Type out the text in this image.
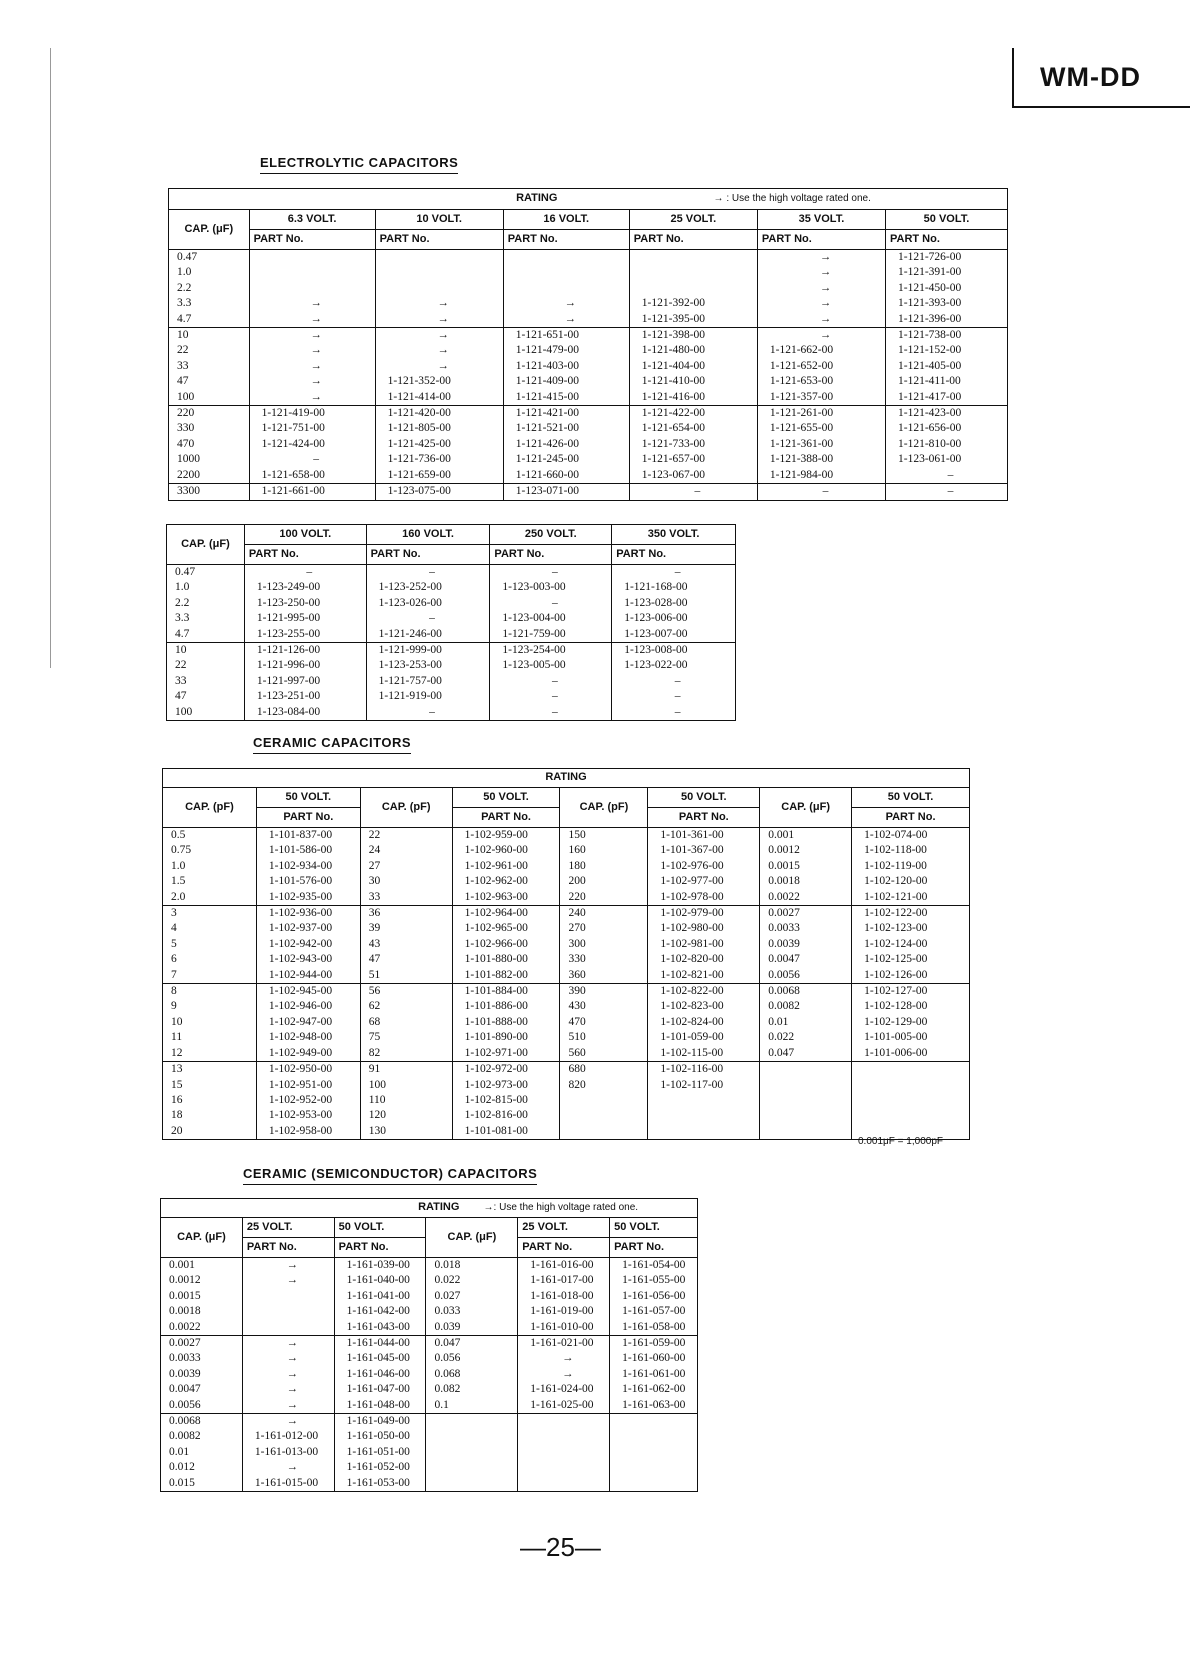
WM-DD
ELECTROLYTIC CAPACITORS
RATING → : Use the high voltage rated one.						
CAP. (μF)	6.3 VOLT.	10 VOLT.	16 VOLT.	25 VOLT.	35 VOLT.	50 VOLT.
	PART No.	PART No.	PART No.	PART No.	PART No.	PART No.
0.47					→	1-121-726-00
1.0					→	1-121-391-00
2.2					→	1-121-450-00
3.3	→	→	→	1-121-392-00	→	1-121-393-00
4.7	→	→	→	1-121-395-00	→	1-121-396-00
10	→	→	1-121-651-00	1-121-398-00	→	1-121-738-00
22	→	→	1-121-479-00	1-121-480-00	1-121-662-00	1-121-152-00
33	→	→	1-121-403-00	1-121-404-00	1-121-652-00	1-121-405-00
47	→	1-121-352-00	1-121-409-00	1-121-410-00	1-121-653-00	1-121-411-00
100	→	1-121-414-00	1-121-415-00	1-121-416-00	1-121-357-00	1-121-417-00
220	1-121-419-00	1-121-420-00	1-121-421-00	1-121-422-00	1-121-261-00	1-121-423-00
330	1-121-751-00	1-121-805-00	1-121-521-00	1-121-654-00	1-121-655-00	1-121-656-00
470	1-121-424-00	1-121-425-00	1-121-426-00	1-121-733-00	1-121-361-00	1-121-810-00
1000	–	1-121-736-00	1-121-245-00	1-121-657-00	1-121-388-00	1-123-061-00
2200	1-121-658-00	1-121-659-00	1-121-660-00	1-123-067-00	1-121-984-00	–
3300	1-121-661-00	1-123-075-00	1-123-071-00	–	–	–
CAP. (μF)	100 VOLT.	160 VOLT.	250 VOLT.	350 VOLT.
	PART No.	PART No.	PART No.	PART No.
0.47	–	–	–	–
1.0	1-123-249-00	1-123-252-00	1-123-003-00	1-121-168-00
2.2	1-123-250-00	1-123-026-00	–	1-123-028-00
3.3	1-121-995-00	–	1-123-004-00	1-123-006-00
4.7	1-123-255-00	1-121-246-00	1-121-759-00	1-123-007-00
10	1-121-126-00	1-121-999-00	1-123-254-00	1-123-008-00
22	1-121-996-00	1-123-253-00	1-123-005-00	1-123-022-00
33	1-121-997-00	1-121-757-00	–	–
47	1-123-251-00	1-121-919-00	–	–
100	1-123-084-00	–	–	–
CERAMIC CAPACITORS
RATING							
CAP. (pF)	50 VOLT.	CAP. (pF)	50 VOLT.	CAP. (pF)	50 VOLT.	CAP. (μF)	50 VOLT.
	PART No.		PART No.		PART No.		PART No.
0.5	1-101-837-00	22	1-102-959-00	150	1-101-361-00	0.001	1-102-074-00
0.75	1-101-586-00	24	1-102-960-00	160	1-101-367-00	0.0012	1-102-118-00
1.0	1-102-934-00	27	1-102-961-00	180	1-102-976-00	0.0015	1-102-119-00
1.5	1-101-576-00	30	1-102-962-00	200	1-102-977-00	0.0018	1-102-120-00
2.0	1-102-935-00	33	1-102-963-00	220	1-102-978-00	0.0022	1-102-121-00
3	1-102-936-00	36	1-102-964-00	240	1-102-979-00	0.0027	1-102-122-00
4	1-102-937-00	39	1-102-965-00	270	1-102-980-00	0.0033	1-102-123-00
5	1-102-942-00	43	1-102-966-00	300	1-102-981-00	0.0039	1-102-124-00
6	1-102-943-00	47	1-101-880-00	330	1-102-820-00	0.0047	1-102-125-00
7	1-102-944-00	51	1-101-882-00	360	1-102-821-00	0.0056	1-102-126-00
8	1-102-945-00	56	1-101-884-00	390	1-102-822-00	0.0068	1-102-127-00
9	1-102-946-00	62	1-101-886-00	430	1-102-823-00	0.0082	1-102-128-00
10	1-102-947-00	68	1-101-888-00	470	1-102-824-00	0.01	1-102-129-00
11	1-102-948-00	75	1-101-890-00	510	1-101-059-00	0.022	1-101-005-00
12	1-102-949-00	82	1-102-971-00	560	1-102-115-00	0.047	1-101-006-00
13	1-102-950-00	91	1-102-972-00	680	1-102-116-00		
15	1-102-951-00	100	1-102-973-00	820	1-102-117-00		
16	1-102-952-00	110	1-102-815-00				
18	1-102-953-00	120	1-102-816-00				
20	1-102-958-00	130	1-101-081-00				
0.001μF = 1,000pF
CERAMIC (SEMICONDUCTOR) CAPACITORS
RATING →: Use the high voltage rated one.					
CAP. (μF)	25 VOLT.	50 VOLT.	CAP. (μF)	25 VOLT.	50 VOLT.
	PART No.	PART No.		PART No.	PART No.
0.001	→	1-161-039-00	0.018	1-161-016-00	1-161-054-00
0.0012	→	1-161-040-00	0.022	1-161-017-00	1-161-055-00
0.0015		1-161-041-00	0.027	1-161-018-00	1-161-056-00
0.0018		1-161-042-00	0.033	1-161-019-00	1-161-057-00
0.0022		1-161-043-00	0.039	1-161-010-00	1-161-058-00
0.0027	→	1-161-044-00	0.047	1-161-021-00	1-161-059-00
0.0033	→	1-161-045-00	0.056	→	1-161-060-00
0.0039	→	1-161-046-00	0.068	→	1-161-061-00
0.0047	→	1-161-047-00	0.082	1-161-024-00	1-161-062-00
0.0056	→	1-161-048-00	0.1	1-161-025-00	1-161-063-00
0.0068	→	1-161-049-00			
0.0082	1-161-012-00	1-161-050-00			
0.01	1-161-013-00	1-161-051-00			
0.012	→	1-161-052-00			
0.015	1-161-015-00	1-161-053-00			
—25—
